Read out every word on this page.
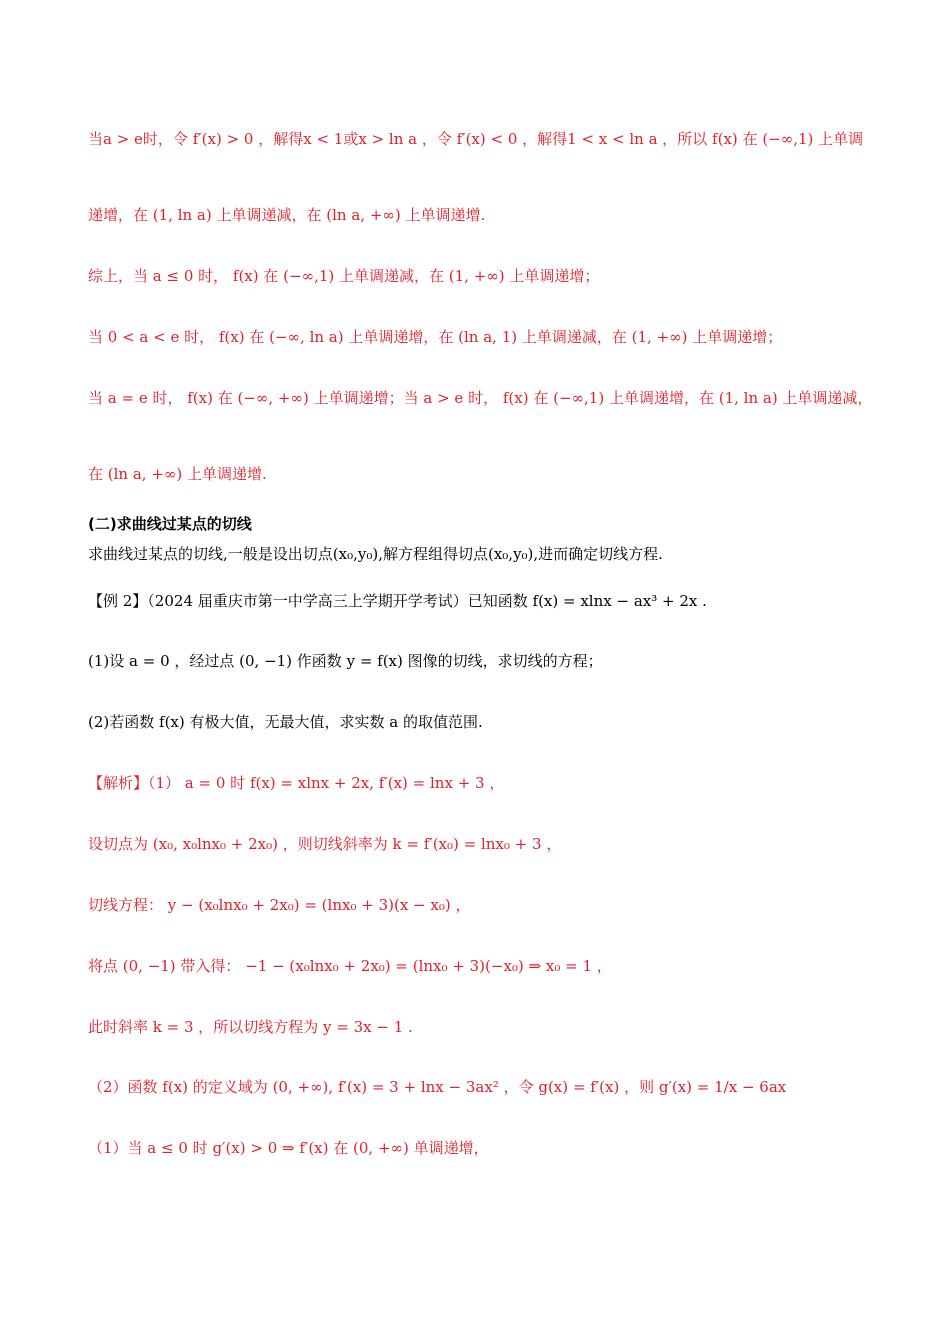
当a > e时，令 f′(x) > 0 ，解得x < 1或x > ln a ，令 f′(x) < 0 ，解得1 < x < ln a ，所以 f(x) 在 (−∞,1) 上单调
递增，在 (1, ln a) 上单调递减，在 (ln a, +∞) 上单调递增.
综上，当 a ≤ 0 时， f(x) 在 (−∞,1) 上单调递减，在 (1, +∞) 上单调递增；
当 0 < a < e 时， f(x) 在 (−∞, ln a) 上单调递增，在 (ln a, 1) 上单调递减，在 (1, +∞) 上单调递增；
当 a = e 时， f(x) 在 (−∞, +∞) 上单调递增；当 a > e 时， f(x) 在 (−∞,1) 上单调递增，在 (1, ln a) 上单调递减，
在 (ln a, +∞) 上单调递增.
(二)求曲线过某点的切线
求曲线过某点的切线,一般是设出切点(x₀,y₀),解方程组得切点(x₀,y₀),进而确定切线方程.
【例 2】（2024 届重庆市第一中学高三上学期开学考试）已知函数 f(x) = xlnx − ax³ + 2x .
(1)设 a = 0 ，经过点 (0, −1) 作函数 y = f(x) 图像的切线，求切线的方程；
(2)若函数 f(x) 有极大值，无最大值，求实数 a 的取值范围.
【解析】（1） a = 0 时 f(x) = xlnx + 2x, f′(x) = lnx + 3 ，
设切点为 (x₀, x₀lnx₀ + 2x₀) ，则切线斜率为 k = f′(x₀) = lnx₀ + 3 ，
切线方程： y − (x₀lnx₀ + 2x₀) = (lnx₀ + 3)(x − x₀) ，
将点 (0, −1) 带入得： −1 − (x₀lnx₀ + 2x₀) = (lnx₀ + 3)(−x₀) ⇒ x₀ = 1 ，
此时斜率 k = 3 ，所以切线方程为 y = 3x − 1 .
（2）函数 f(x) 的定义域为 (0, +∞), f′(x) = 3 + lnx − 3ax² ，令 g(x) = f′(x) ，则 g′(x) = 1/x − 6ax
（1）当 a ≤ 0 时 g′(x) > 0 ⇒ f′(x) 在 (0, +∞) 单调递增，
